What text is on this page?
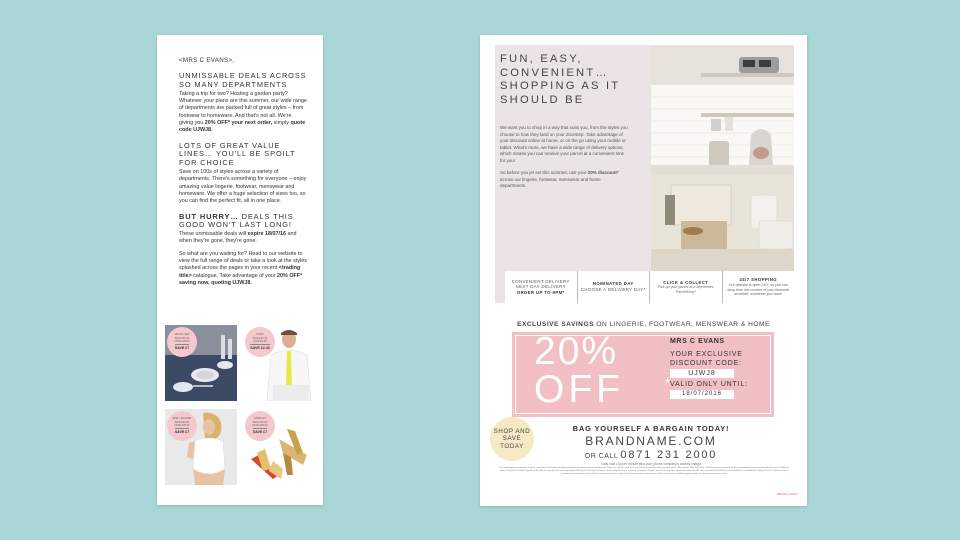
<MRS C EVANS>,
UNMISSABLE DEALS ACROSS SO MANY DEPARTMENTS
Taking a trip for two? Hosting a garden party? Whatever your plans are this summer, our wide range of departments are packed full of great styles – from footwear to homeware. And that's not all. We're giving you 20% OFF* your next order, simply quote code UJWJ8.
LOTS OF GREAT VALUE LINES… YOU'LL BE SPOILT FOR CHOICE
Save on 100s of styles across a variety of departments. There's something for everyone – enjoy amazing value lingerie, footwear, menswear and homeware. We offer a huge selection of sizes too, so you can find the perfect fit, all in one place.
BUT HURRY… DEALS THIS GOOD WON'T LAST LONG!
These unmissable deals will expire 18/07/16 and when they're gone, they're gone.
So what are you waiting for? Head to our website to view the full range of deals or take a look at the styles splashed across the pages in your recent <trading title> catalogue. Take advantage of your 20% OFF* saving now, quoting UJWJ8.
DINING SET
WAS £35.00
NOW £28.00
SAVE £7
SHIRT
WAS £12.00
NOW £9.60
SAVE £2.40
BODY SHAPER
WAS £35.00
NOW £28.00
SAVE £7
SANDALS
WAS £35.00
NOW £28.00
SAVE £7
FUN, EASY, CONVENIENT… SHOPPING AS IT SHOULD BE

We want you to shop in a way that suits you, from the styles you choose to how they land on your doorstep. Take advantage of your discount online at home, or on the go using your mobile or tablet. What's more, we have a wide range of delivery options, which means you can receive your parcel at a convenient time for you!

So before you jet set this summer, use your 20% discount* across our lingerie, footwear, menswear and home departments.

CONVENIENT DELIVERY
NEXT DAY DELIVERY
ORDER UP TO 9PM*
NOMINATED DAY
CHOOSE A DELIVERY DAY*
CLICK & COLLECT
Pick up your parcel at a MyHermes ParcelShop*
24/7 SHOPPING
Our website is open 24/7, so you can shop from the comfort of your favourite armchair, whenever you want!
EXCLUSIVE SAVINGS ON LINGERIE, FOOTWEAR, MENSWEAR & HOME
20%
OFF	*
MRS C EVANS
YOUR EXCLUSIVE
DISCOUNT CODE:
UJWJ8
VALID ONLY UNTIL:
18/07/2016
SHOP AND SAVE TODAY
BAG YOURSELF A BARGAIN TODAY!
BRANDNAME.COM
OR CALL 0871 231 2000
Calls cost 13p per minute plus your phone company's access charge
*Discount applies to footwear, lingerie, menswear and home excluding furniture, electrical and selected brands. Code can only be used once and not in conjunction with any other offer. Offer expires 18th July 2016. *Delivery times are based on the estimated time of items ordered once stock. While we make every effort to deliver goods on the day we specify, we cannot guarantee delivery on that day as delays can be likely for any of a variety of reasons. Goods, delivery to any other destination than the UK, and nominated day delivery are available for an additional charge. Click & Collect service is available at participating stores. Please ensure you have a copy of your receipt with you when you collect. Terms and conditions apply. Images for illustration purposes only.
BRAND LOGO
